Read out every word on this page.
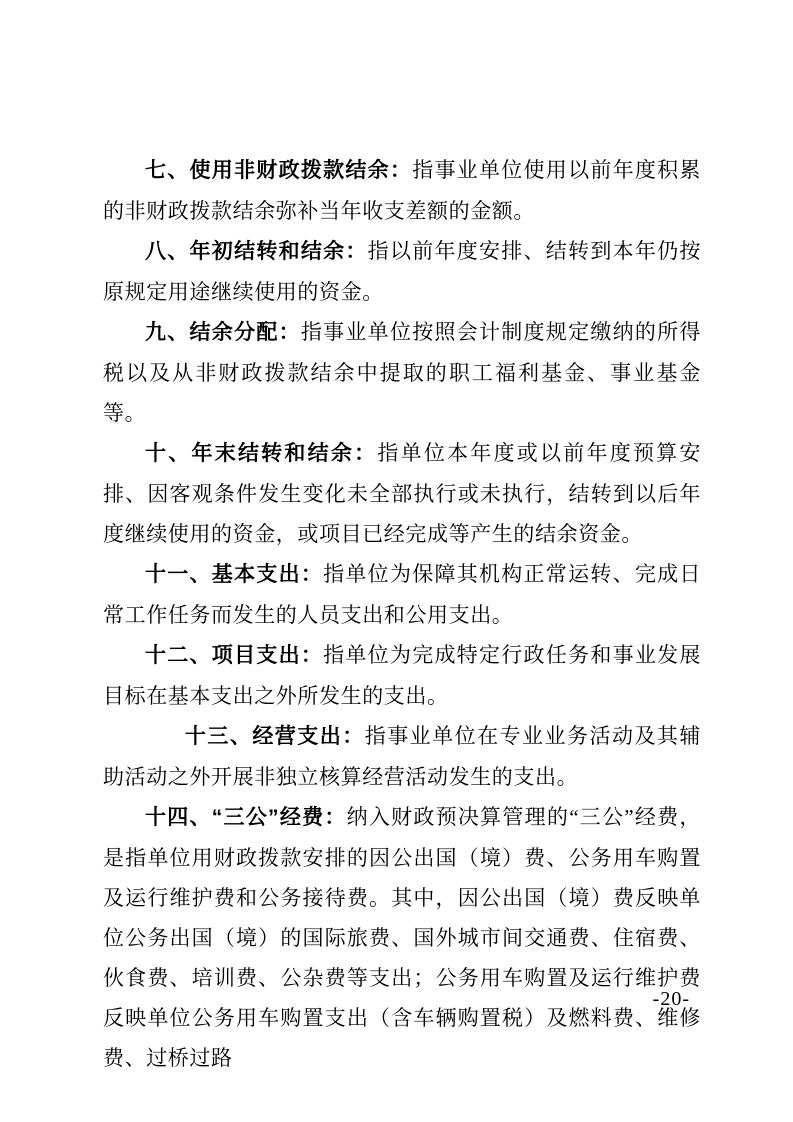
七、使用非财政拨款结余：指事业单位使用以前年度积累的非财政拨款结余弥补当年收支差额的金额。

八、年初结转和结余：指以前年度安排、结转到本年仍按原规定用途继续使用的资金。

九、结余分配：指事业单位按照会计制度规定缴纳的所得税以及从非财政拨款结余中提取的职工福利基金、事业基金等。

十、年末结转和结余：指单位本年度或以前年度预算安排、因客观条件发生变化未全部执行或未执行，结转到以后年度继续使用的资金，或项目已经完成等产生的结余资金。

十一、基本支出：指单位为保障其机构正常运转、完成日常工作任务而发生的人员支出和公用支出。

十二、项目支出：指单位为完成特定行政任务和事业发展目标在基本支出之外所发生的支出。

十三、经营支出：指事业单位在专业业务活动及其辅助活动之外开展非独立核算经营活动发生的支出。

十四、“三公”经费：纳入财政预决算管理的“三公”经费，是指单位用财政拨款安排的因公出国（境）费、公务用车购置及运行维护费和公务接待费。其中，因公出国（境）费反映单位公务出国（境）的国际旅费、国外城市间交通费、住宿费、伙食费、培训费、公杂费等支出；公务用车购置及运行维护费反映单位公务用车购置支出（含车辆购置税）及燃料费、维修费、过桥过路

-20-
